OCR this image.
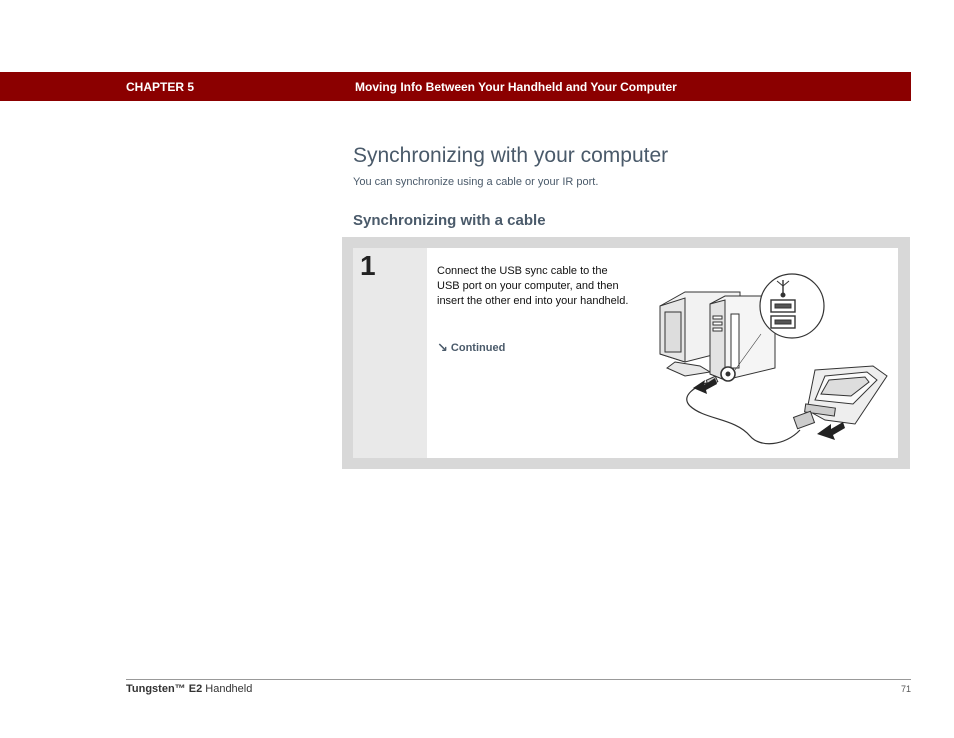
CHAPTER 5	Moving Info Between Your Handheld and Your Computer
Synchronizing with your computer
You can synchronize using a cable or your IR port.
Synchronizing with a cable
1	Connect the USB sync cable to the USB port on your computer, and then insert the other end into your handheld.
↘ Continued
Tungsten™ E2 Handheld	71
